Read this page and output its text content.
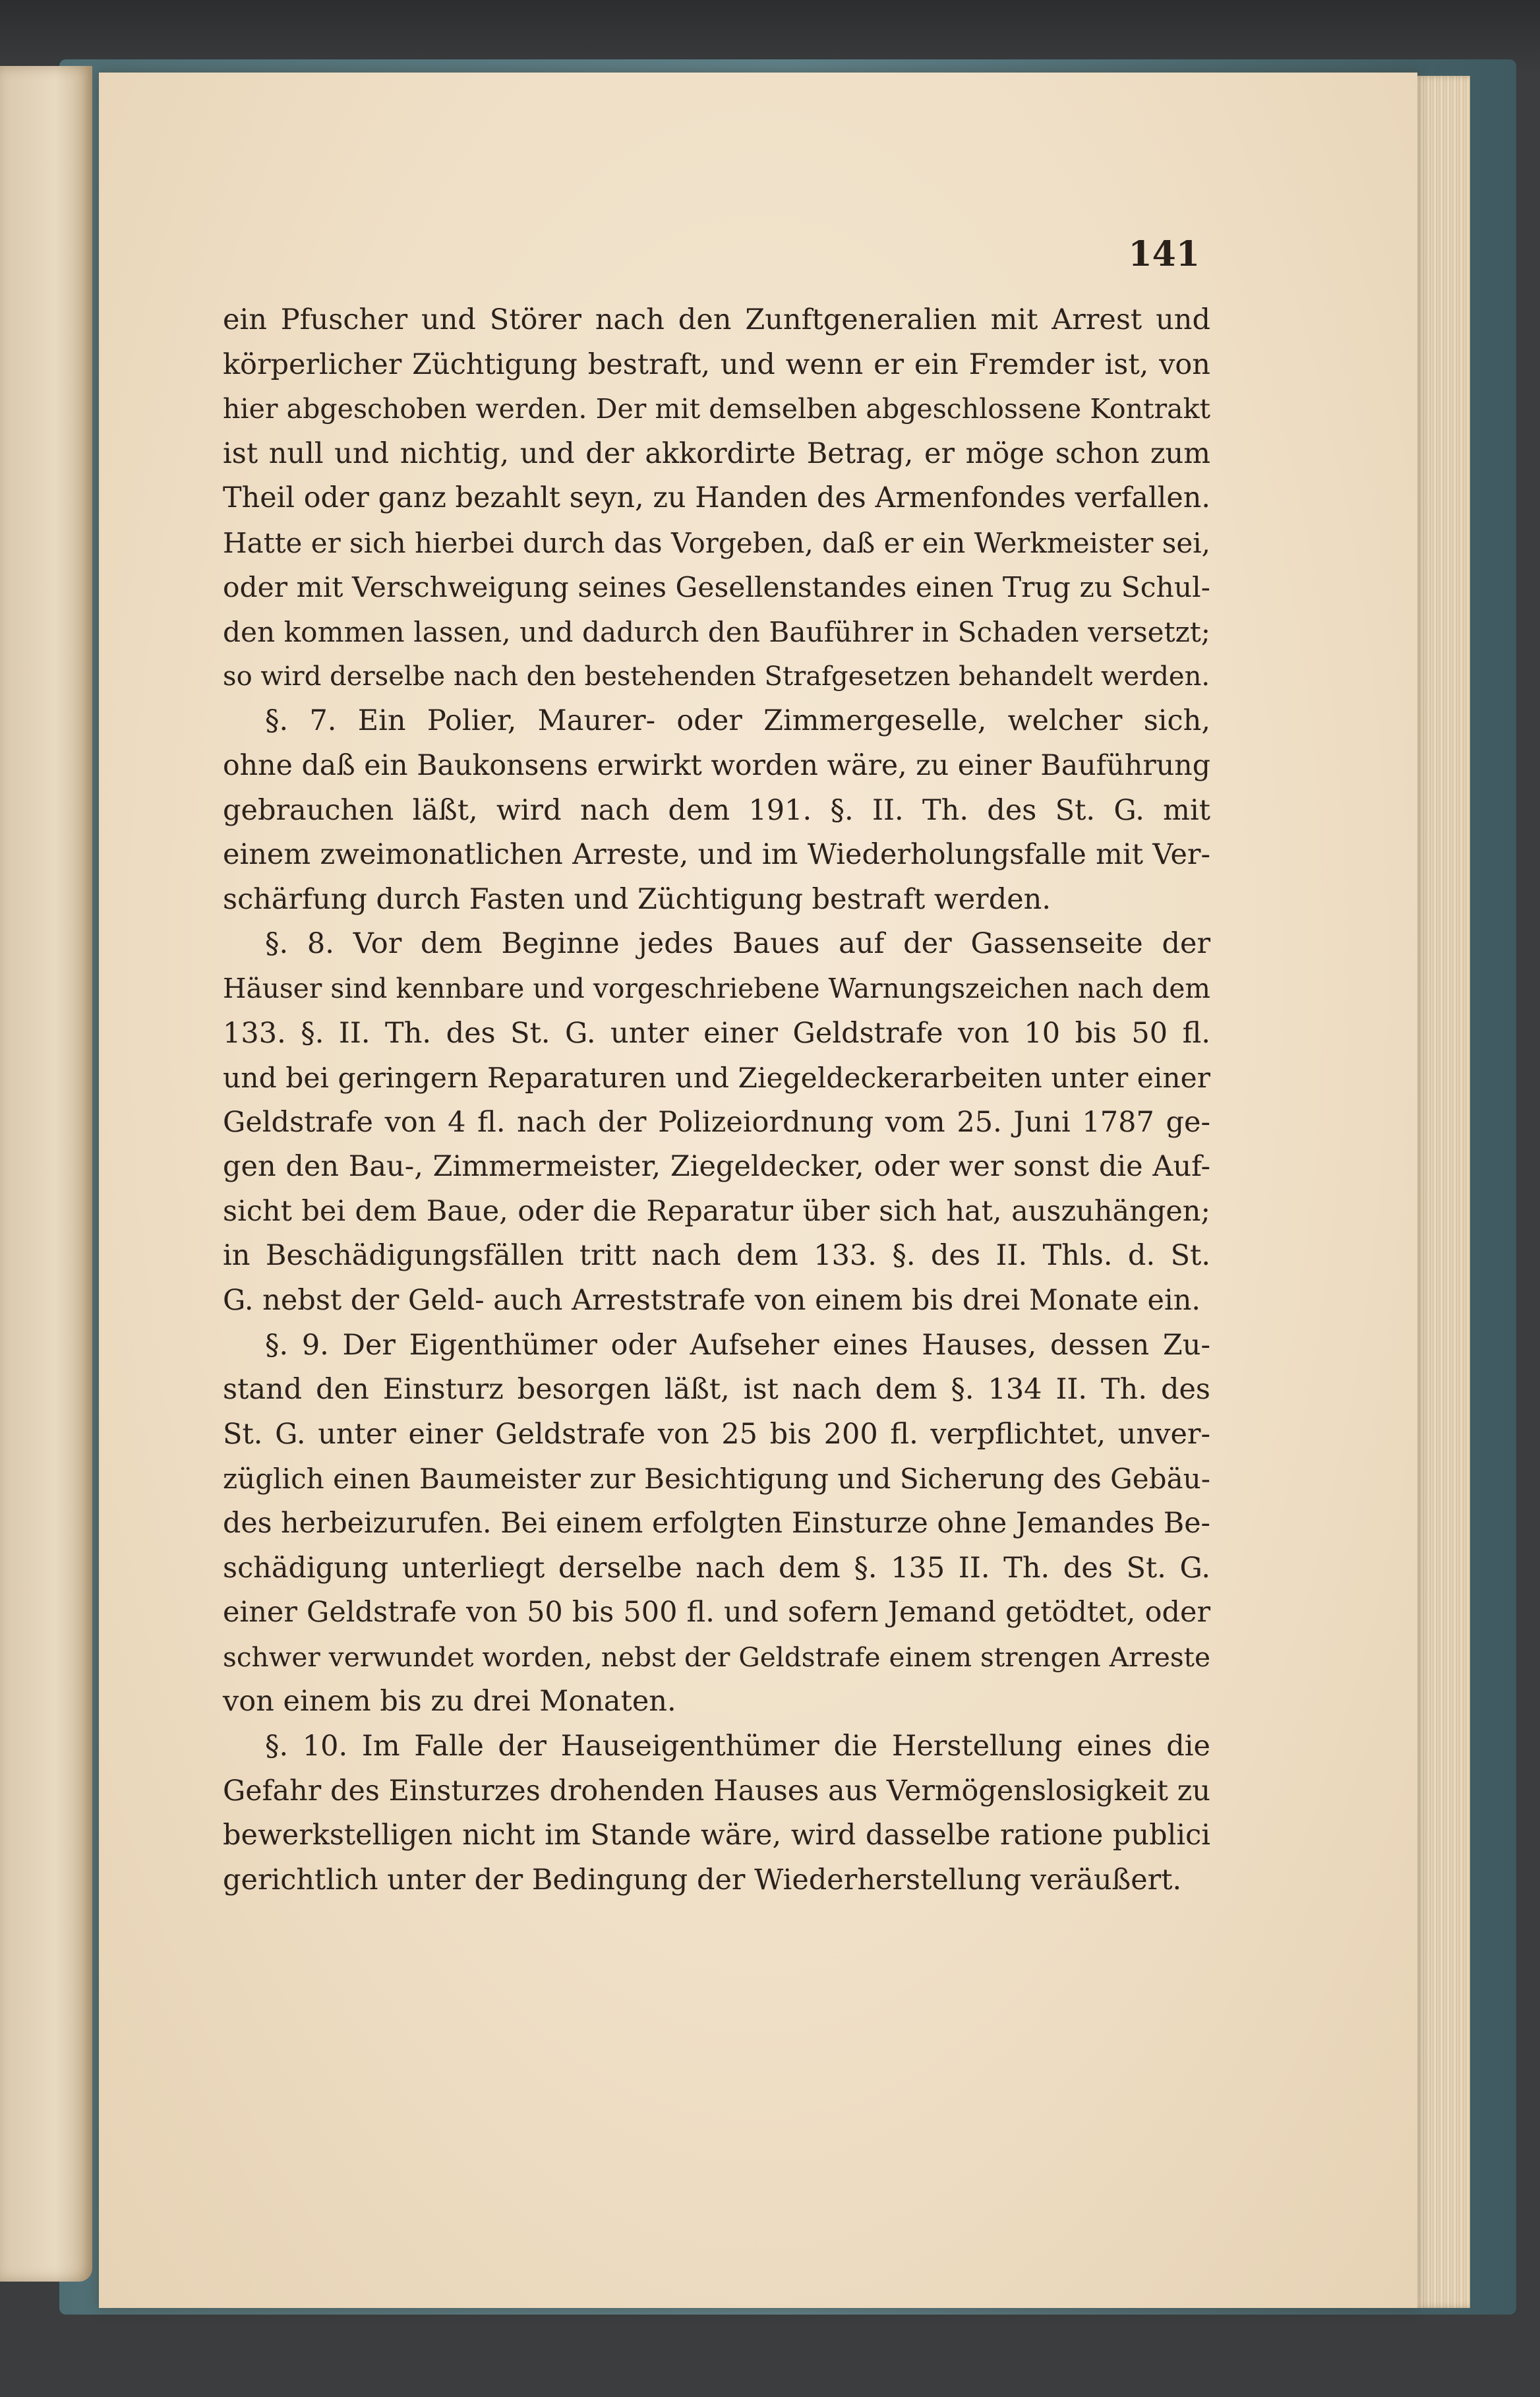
141
ein Pfuscher und Störer nach den Zunftgeneralien mit Arrest und
körperlicher Züchtigung bestraft, und wenn er ein Fremder ist, von
hier abgeschoben werden. Der mit demselben abgeschlossene Kontrakt
ist null und nichtig, und der akkordirte Betrag, er möge schon zum
Theil oder ganz bezahlt seyn, zu Handen des Armenfondes verfallen.
Hatte er sich hierbei durch das Vorgeben, daß er ein Werkmeister sei,
oder mit Verschweigung seines Gesellenstandes einen Trug zu Schul-
den kommen lassen, und dadurch den Bauführer in Schaden versetzt;
so wird derselbe nach den bestehenden Strafgesetzen behandelt werden.
§. 7. Ein Polier, Maurer- oder Zimmergeselle, welcher sich,
ohne daß ein Baukonsens erwirkt worden wäre, zu einer Bauführung
gebrauchen läßt, wird nach dem 191. §. II. Th. des St. G. mit
einem zweimonatlichen Arreste, und im Wiederholungsfalle mit Ver-
schärfung durch Fasten und Züchtigung bestraft werden.
§. 8. Vor dem Beginne jedes Baues auf der Gassenseite der
Häuser sind kennbare und vorgeschriebene Warnungszeichen nach dem
133. §. II. Th. des St. G. unter einer Geldstrafe von 10 bis 50 fl.
und bei geringern Reparaturen und Ziegeldeckerarbeiten unter einer
Geldstrafe von 4 fl. nach der Polizeiordnung vom 25. Juni 1787 ge-
gen den Bau-, Zimmermeister, Ziegeldecker, oder wer sonst die Auf-
sicht bei dem Baue, oder die Reparatur über sich hat, auszuhängen;
in Beschädigungsfällen tritt nach dem 133. §. des II. Thls. d. St.
G. nebst der Geld- auch Arreststrafe von einem bis drei Monate ein.
§. 9. Der Eigenthümer oder Aufseher eines Hauses, dessen Zu-
stand den Einsturz besorgen läßt, ist nach dem §. 134 II. Th. des
St. G. unter einer Geldstrafe von 25 bis 200 fl. verpflichtet, unver-
züglich einen Baumeister zur Besichtigung und Sicherung des Gebäu-
des herbeizurufen. Bei einem erfolgten Einsturze ohne Jemandes Be-
schädigung unterliegt derselbe nach dem §. 135 II. Th. des St. G.
einer Geldstrafe von 50 bis 500 fl. und sofern Jemand getödtet, oder
schwer verwundet worden, nebst der Geldstrafe einem strengen Arreste
von einem bis zu drei Monaten.
§. 10. Im Falle der Hauseigenthümer die Herstellung eines die
Gefahr des Einsturzes drohenden Hauses aus Vermögenslosigkeit zu
bewerkstelligen nicht im Stande wäre, wird dasselbe ratione publici
gerichtlich unter der Bedingung der Wiederherstellung veräußert.
